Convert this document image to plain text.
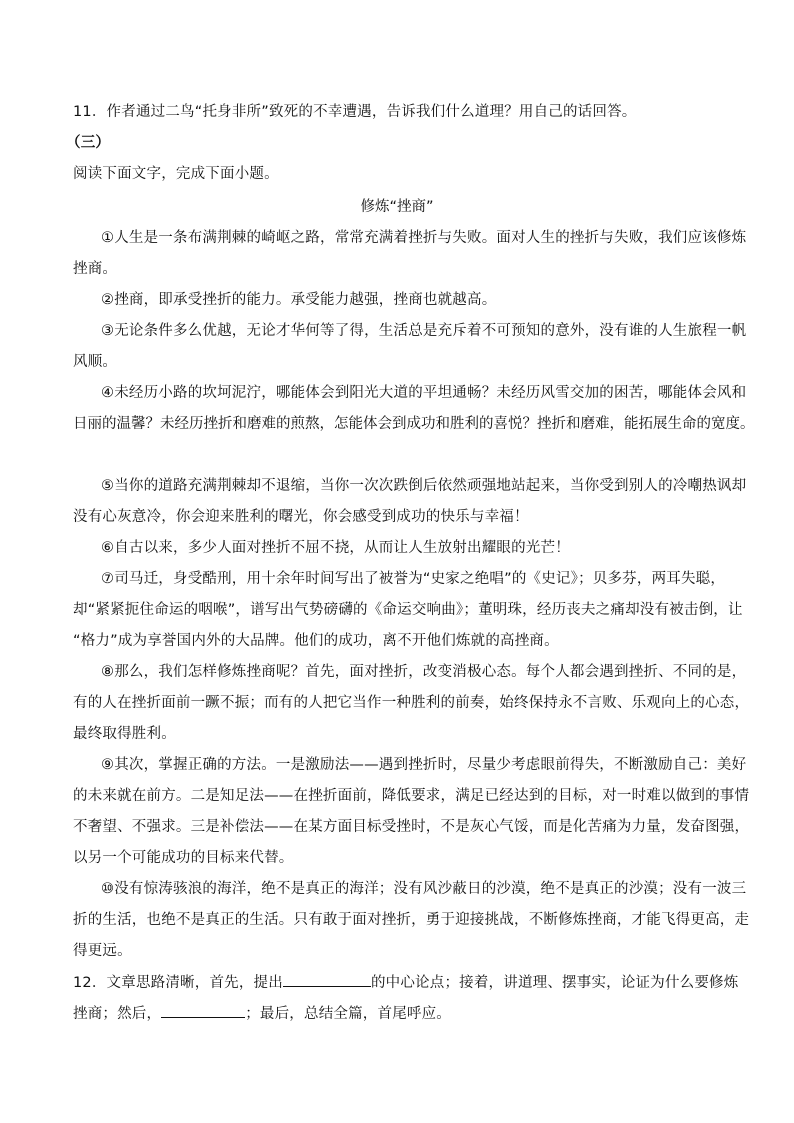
11．作者通过二鸟“托身非所”致死的不幸遭遇，告诉我们什么道理？用自己的话回答。
（三）
阅读下面文字，完成下面小题。
修炼“挫商”
①人生是一条布满荆棘的崎岖之路，常常充满着挫折与失败。面对人生的挫折与失败，我们应该修炼
挫商。
②挫商，即承受挫折的能力。承受能力越强，挫商也就越高。
③无论条件多么优越，无论才华何等了得，生活总是充斥着不可预知的意外，没有谁的人生旅程一帆
风顺。
④未经历小路的坎坷泥泞，哪能体会到阳光大道的平坦通畅？未经历风雪交加的困苦，哪能体会风和
日丽的温馨？未经历挫折和磨难的煎熬，怎能体会到成功和胜利的喜悦？挫折和磨难，能拓展生命的宽度。
⑤当你的道路充满荆棘却不退缩，当你一次次跌倒后依然顽强地站起来，当你受到别人的冷嘲热讽却
没有心灰意冷，你会迎来胜利的曙光，你会感受到成功的快乐与幸福！
⑥自古以来，多少人面对挫折不屈不挠，从而让人生放射出耀眼的光芒！
⑦司马迁，身受酷刑，用十余年时间写出了被誉为“史家之绝唱”的《史记》；贝多芬，两耳失聪，
却“紧紧扼住命运的咽喉”，谱写出气势磅礴的《命运交响曲》；董明珠，经历丧夫之痛却没有被击倒，让
“格力”成为享誉国内外的大品牌。他们的成功，离不开他们炼就的高挫商。
⑧那么，我们怎样修炼挫商呢？首先，面对挫折，改变消极心态。每个人都会遇到挫折、不同的是，
有的人在挫折面前一蹶不振；而有的人把它当作一种胜利的前奏，始终保持永不言败、乐观向上的心态，
最终取得胜利。
⑨其次，掌握正确的方法。一是激励法——遇到挫折时，尽量少考虑眼前得失，不断激励自己：美好
的未来就在前方。二是知足法——在挫折面前，降低要求，满足已经达到的目标，对一时难以做到的事情
不奢望、不强求。三是补偿法——在某方面目标受挫时，不是灰心气馁，而是化苦痛为力量，发奋图强，
以另一个可能成功的目标来代替。
⑩没有惊涛骇浪的海洋，绝不是真正的海洋；没有风沙蔽日的沙漠，绝不是真正的沙漠；没有一波三
折的生活，也绝不是真正的生活。只有敢于面对挫折，勇于迎接挑战，不断修炼挫商，才能飞得更高，走
得更远。
12．文章思路清晰，首先，提出	的中心论点；接着，讲道理、摆事实，论证为什么要修炼
挫商；然后，	；最后，总结全篇，首尾呼应。
